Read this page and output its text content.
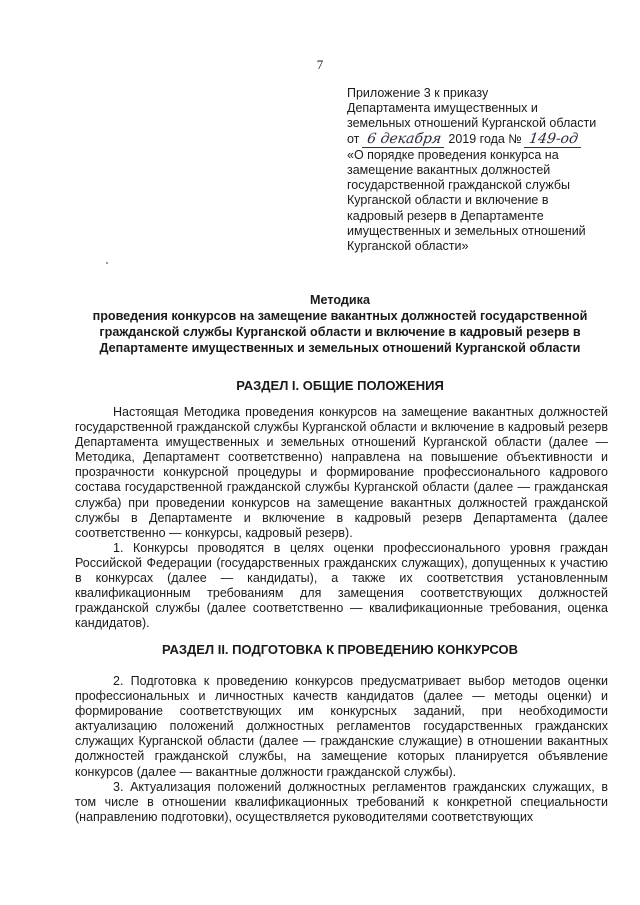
7
Приложение 3 к приказу
Департамента имущественных и
земельных отношений Курганской области
от 6 декабря 2019 года № 149-од
«О порядке проведения конкурса на
замещение вакантных должностей
государственной гражданской службы
Курганской области и включение в
кадровый резерв в Департаменте
имущественных и земельных отношений
Курганской области»
Методика
проведения конкурсов на замещение вакантных должностей государственной
гражданской службы Курганской области и включение в кадровый резерв в
Департаменте имущественных и земельных отношений Курганской области
РАЗДЕЛ I. ОБЩИЕ ПОЛОЖЕНИЯ

Настоящая Методика проведения конкурсов на замещение вакантных должностей государственной гражданской службы Курганской области и включение в кадровый резерв Департамента имущественных и земельных отношений Курганской области (далее — Методика, Департамент соответственно) направлена на повышение объективности и прозрачности конкурсной процедуры и формирование профессионального кадрового состава государственной гражданской службы Курганской области (далее — гражданская служба) при проведении конкурсов на замещение вакантных должностей гражданской службы в Департаменте и включение в кадровый резерв Департамента (далее соответственно — конкурсы, кадровый резерв).

1. Конкурсы проводятся в целях оценки профессионального уровня граждан Российской Федерации (государственных гражданских служащих), допущенных к участию в конкурсах (далее — кандидаты), а также их соответствия установленным квалификационным требованиям для замещения соответствующих должностей гражданской службы (далее соответственно — квалификационные требования, оценка кандидатов).

РАЗДЕЛ II. ПОДГОТОВКА К ПРОВЕДЕНИЮ КОНКУРСОВ

2. Подготовка к проведению конкурсов предусматривает выбор методов оценки профессиональных и личностных качеств кандидатов (далее — методы оценки) и формирование соответствующих им конкурсных заданий, при необходимости актуализацию положений должностных регламентов государственных гражданских служащих Курганской области (далее — гражданские служащие) в отношении вакантных должностей гражданской службы, на замещение которых планируется объявление конкурсов (далее — вакантные должности гражданской службы).

3. Актуализация положений должностных регламентов гражданских служащих, в том числе в отношении квалификационных требований к конкретной специальности (направлению подготовки), осуществляется руководителями соответствующих
